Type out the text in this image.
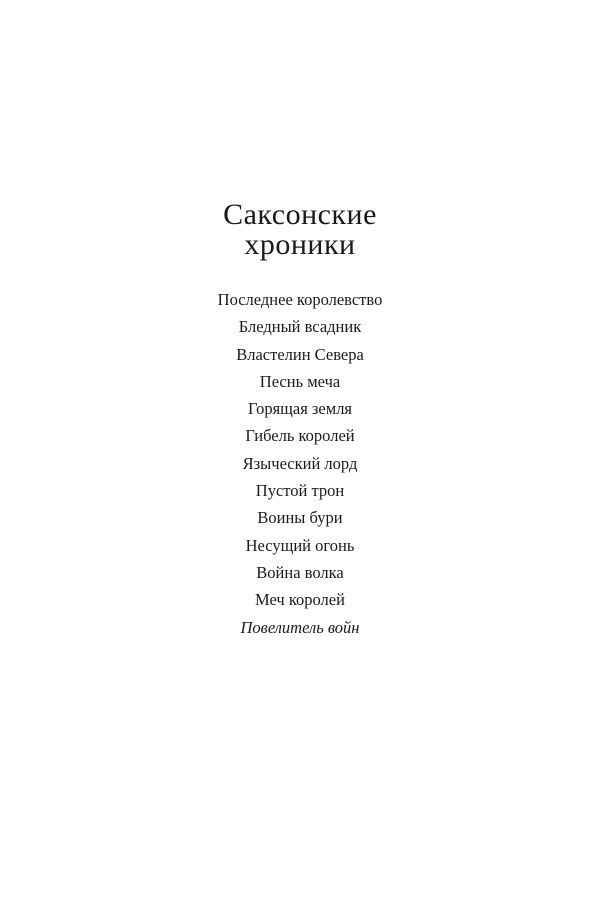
Саксонские
хроники
Последнее королевство
Бледный всадник
Властелин Севера
Песнь меча
Горящая земля
Гибель королей
Языческий лорд
Пустой трон
Воины бури
Несущий огонь
Война волка
Меч королей
Повелитель войн
